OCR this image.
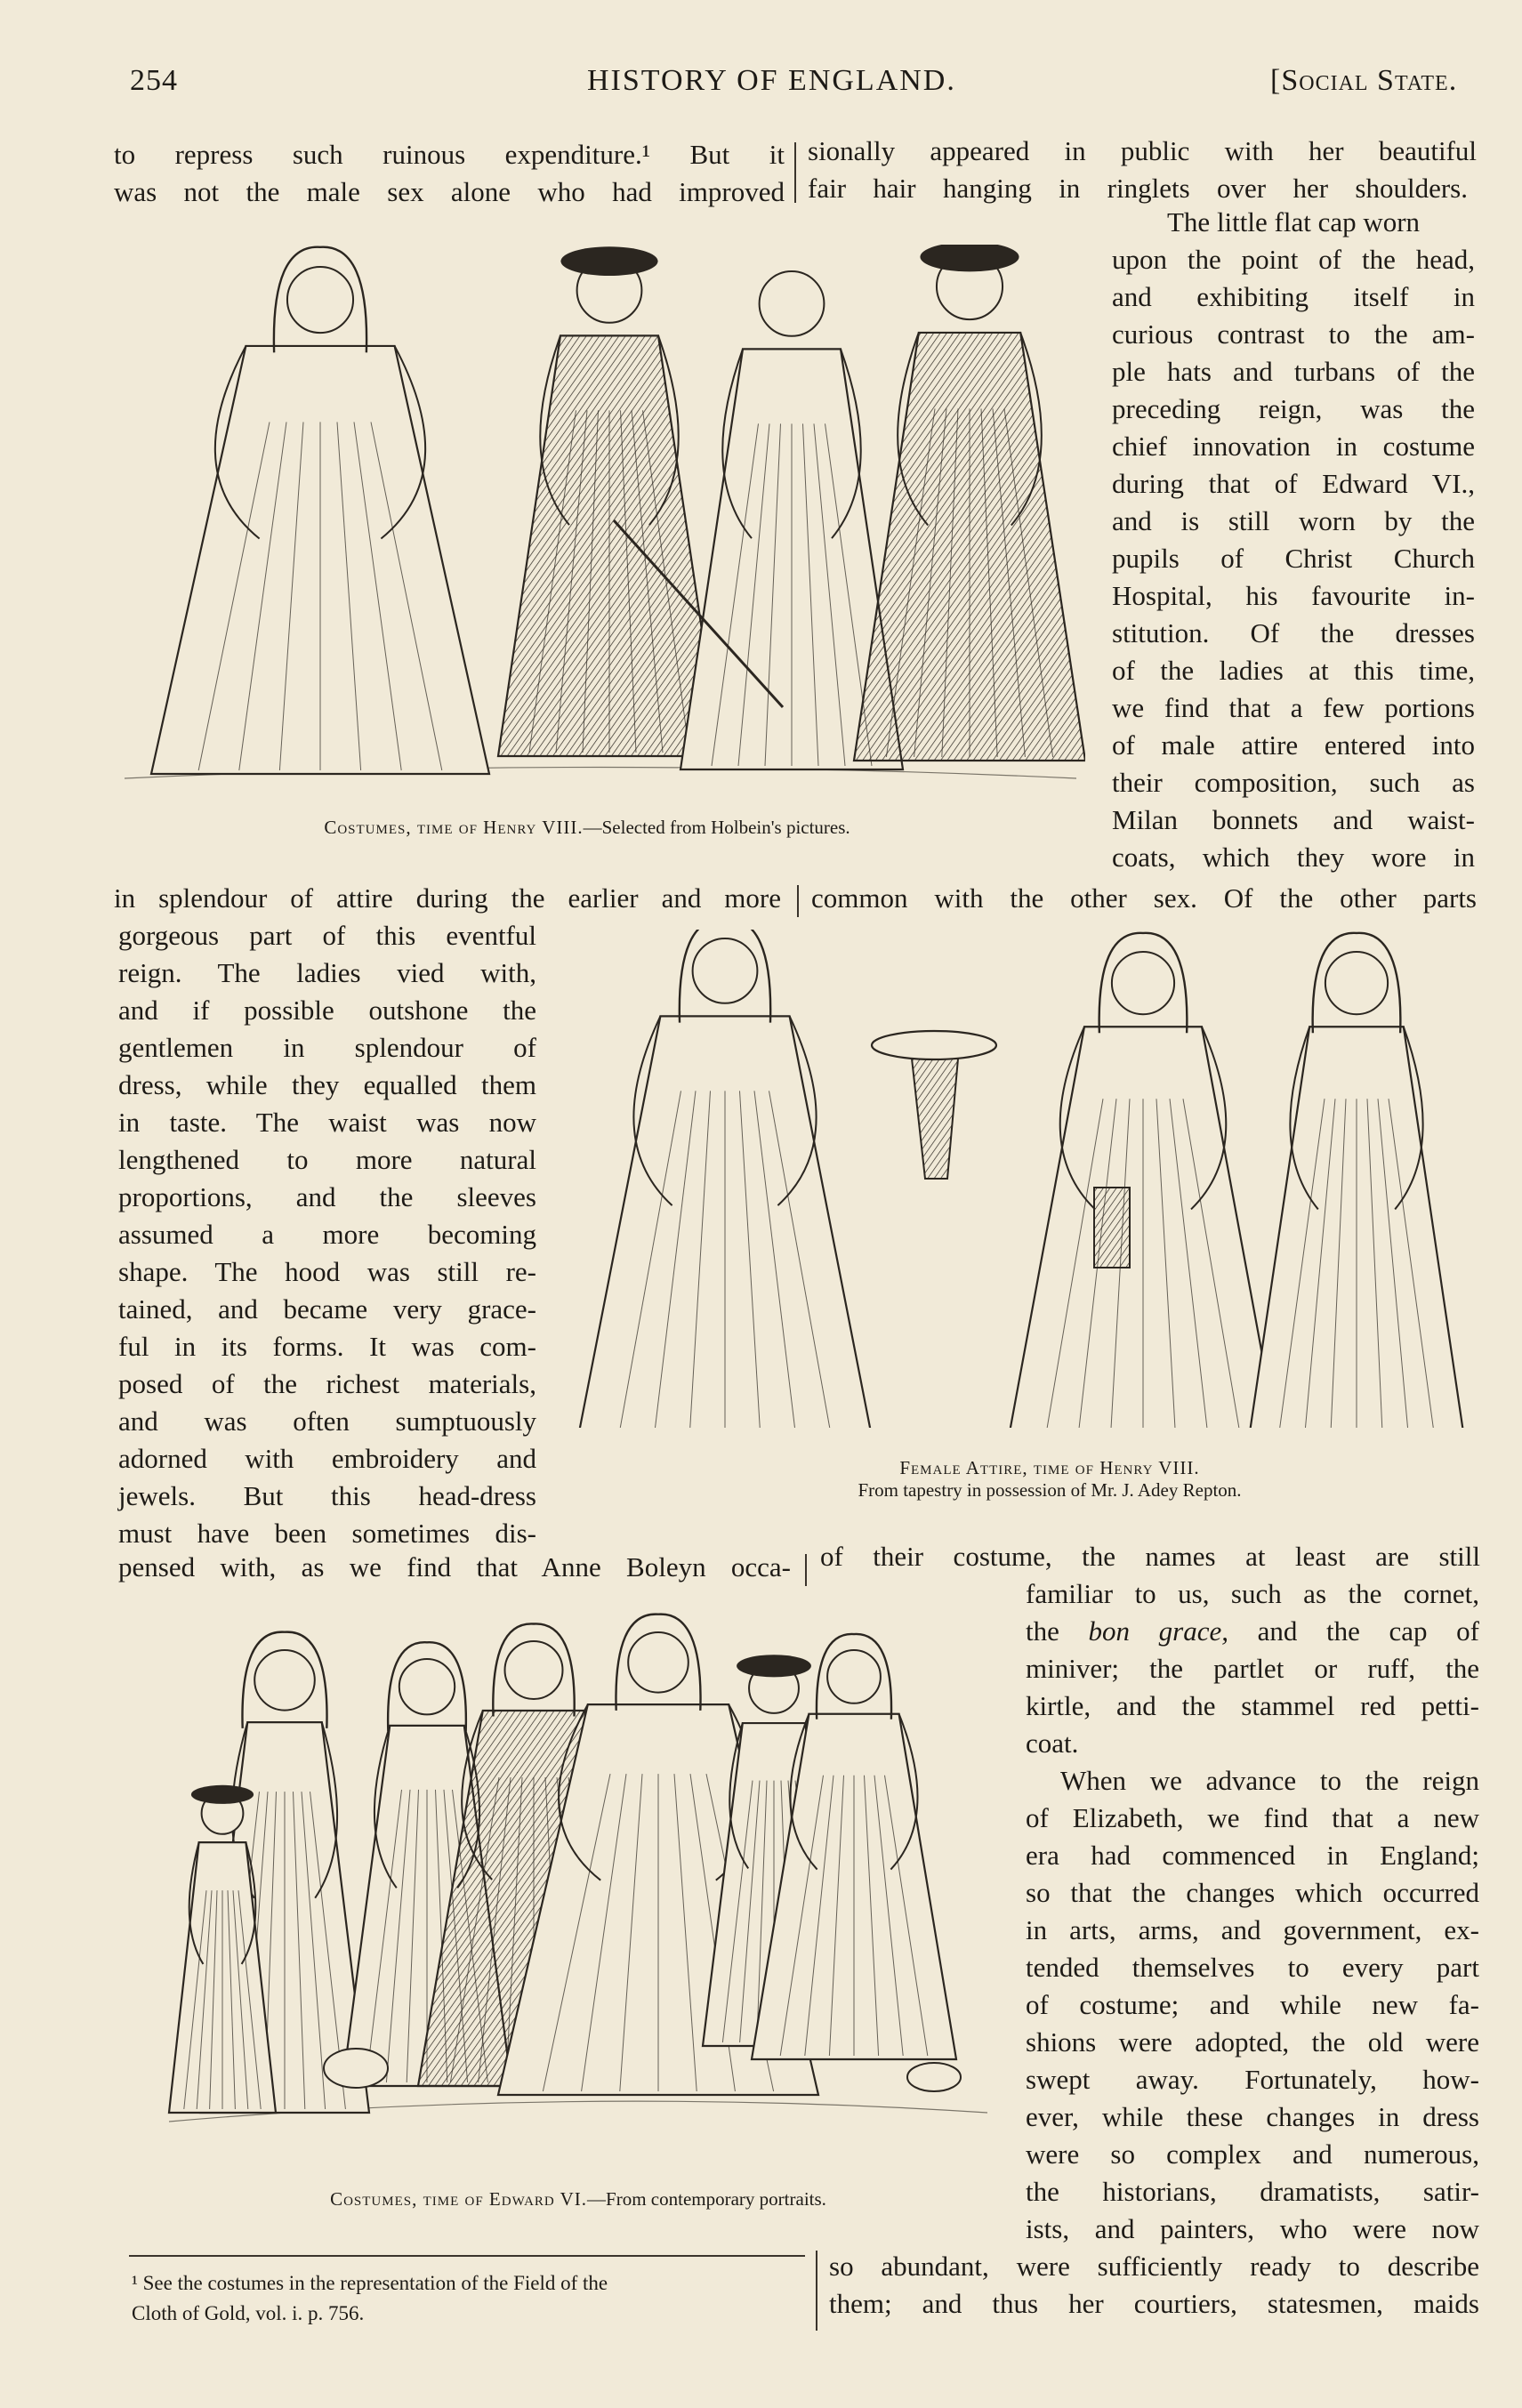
254	HISTORY OF ENGLAND.	[Social State.
to repress such ruinous expenditure.¹ But it
was not the male sex alone who had improved
sionally appeared in public with her beautiful
fair hair hanging in ringlets over her shoulders.
Costumes, time of Henry VIII.—Selected from Holbein's pictures.
The little flat cap worn
upon the point of the head,
and exhibiting itself in
curious contrast to the am-
ple hats and turbans of the
preceding reign, was the
chief innovation in costume
during that of Edward VI.,
and is still worn by the
pupils of Christ Church
Hospital, his favourite in-
stitution. Of the dresses
of the ladies at this time,
we find that a few portions
of male attire entered into
their composition, such as
Milan bonnets and waist-
coats, which they wore in
in splendour of attire during the earlier and more common with the other sex. Of the other parts
gorgeous part of this eventful
reign. The ladies vied with,
and if possible outshone the
gentlemen in splendour of
dress, while they equalled them
in taste. The waist was now
lengthened to more natural
proportions, and the sleeves
assumed a more becoming
shape. The hood was still re-
tained, and became very grace-
ful in its forms. It was com-
posed of the richest materials,
and was often sumptuously
adorned with embroidery and
jewels. But this head-dress
must have been sometimes dis-
Female Attire, time of Henry VIII.
From tapestry in possession of Mr. J. Adey Repton.
pensed with, as we find that Anne Boleyn occa- of their costume, the names at least are still
Costumes, time of Edward VI.—From contemporary portraits.
familiar to us, such as the cornet,
the bon grace, and the cap of
miniver; the partlet or ruff, the
kirtle, and the stammel red petti-
coat.
When we advance to the reign
of Elizabeth, we find that a new
era had commenced in England;
so that the changes which occurred
in arts, arms, and government, ex-
tended themselves to every part
of costume; and while new fa-
shions were adopted, the old were
swept away. Fortunately, how-
ever, while these changes in dress
were so complex and numerous,
the historians, dramatists, satir-
ists, and painters, who were now
so abundant, were sufficiently ready to describe
them; and thus her courtiers, statesmen, maids
¹ See the costumes in the representation of the Field of the
Cloth of Gold, vol. i. p. 756.
